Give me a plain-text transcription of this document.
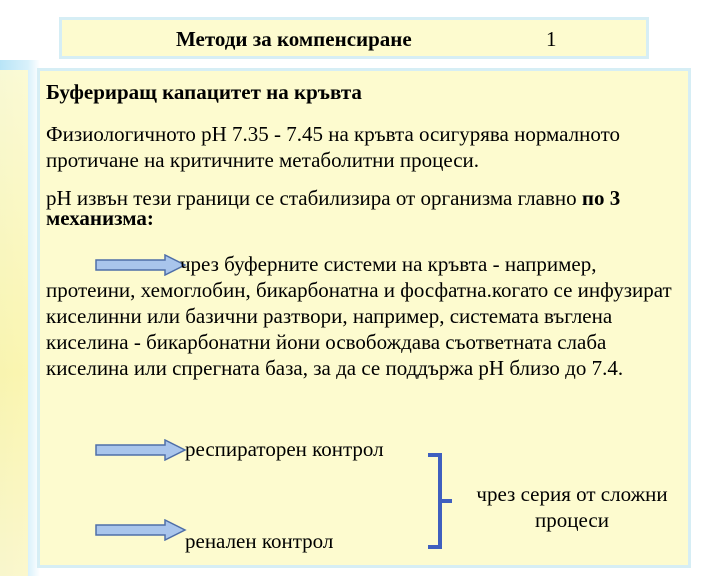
Методи за компенсиране	1
Буфериращ капацитет на кръвта

Физиологичното рН 7.35 - 7.45 на кръвта осигурява нормалното протичане на критичните метаболитни процеси.

рН извън тези граници се стабилизира от организма главно по 3 механизма:

чрез буферните системи на кръвта - например, протеини, хемоглобин, бикарбонатна и фосфатна.когато се инфузират киселинни или базични разтвори, например, системата въглена киселина - бикарбонатни йони освобождава съответната слаба киселина или спрегната база, за да се поддържа рН близо до 7.4.

респираторен контрол
ренален контрол
чрез серия от сложни процеси
